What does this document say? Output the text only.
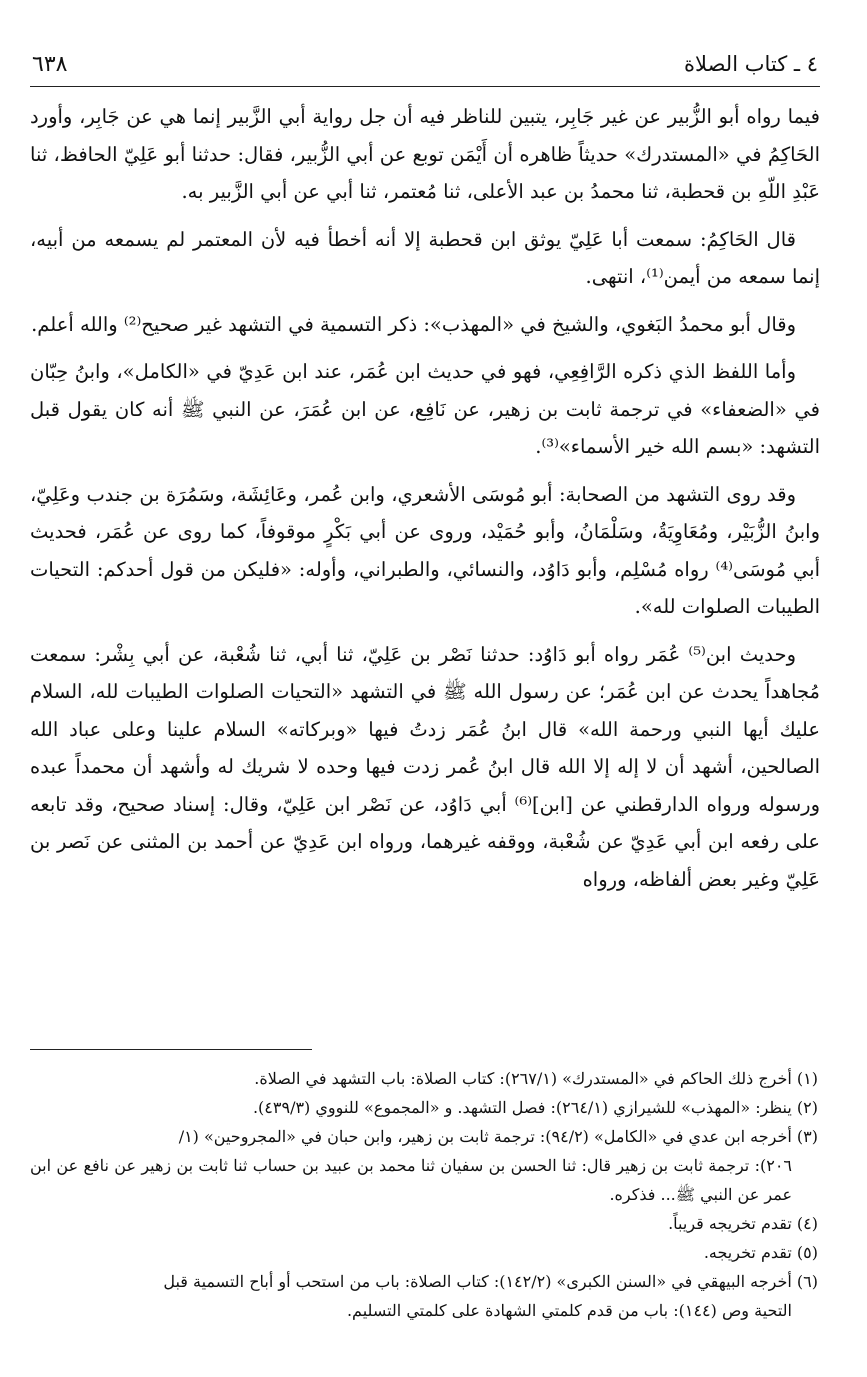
٦٣٨	٤ ـ كتاب الصلاة

فيما رواه أبو الزُّبير عن غير جَابِر، يتبين للناظر فيه أن جل رواية أبي الزَّبير إنما هي عن جَابِر، وأورد الحَاكِمُ في «المستدرك» حديثاً ظاهره أن أَيْمَن توبع عن أبي الزُّبير، فقال: حدثنا أبو عَلِيّ الحافظ، ثنا عَبْدِ اللّهِ بن قحطبة، ثنا محمدُ بن عبد الأعلى، ثنا مُعتمر، ثنا أبي عن أبي الزَّبير به.

قال الحَاكِمُ: سمعت أبا عَلِيّ يوثق ابن قحطبة إلا أنه أخطأ فيه لأن المعتمر لم يسمعه من أبيه، إنما سمعه من أيمن⁽¹⁾، انتهى.

وقال أبو محمدُ البَغوي، والشيخ في «المهذب»: ذكر التسمية في التشهد غير صحيح⁽²⁾ والله أعلم.

وأما اللفظ الذي ذكره الرَّافِعِي، فهو في حديث ابن عُمَر، عند ابن عَدِيّ في «الكامل»، وابنُ حِبّان في «الضعفاء» في ترجمة ثابت بن زهير، عن نَافِع، عن ابن عُمَرَ، عن النبي ﷺ أنه كان يقول قبل التشهد: «بسم الله خير الأسماء»⁽³⁾.

وقد روى التشهد من الصحابة: أبو مُوسَى الأشعري، وابن عُمر، وعَائِشَة، وسَمُرَة بن جندب وعَلِيّ، وابنُ الزُّبَيْر، ومُعَاوِيَةُ، وسَلْمَانُ، وأبو حُمَيْد، وروى عن أبي بَكْرٍ موقوفاً، كما روى عن عُمَر، فحديث أبي مُوسَى⁽⁴⁾ رواه مُسْلِم، وأبو دَاوُد، والنسائي، والطبراني، وأوله: «فليكن من قول أحدكم: التحيات الطيبات الصلوات لله».

وحديث ابن⁽⁵⁾ عُمَر رواه أبو دَاوُد: حدثنا نَصْر بن عَلِيّ، ثنا أبي، ثنا شُعْبة، عن أبي بِشْر: سمعت مُجاهداً يحدث عن ابن عُمَر؛ عن رسول الله ﷺ في التشهد «التحيات الصلوات الطيبات لله، السلام عليك أيها النبي ورحمة الله» قال ابنُ عُمَر زدتُ فيها «وبركاته» السلام علينا وعلى عباد الله الصالحين، أشهد أن لا إله إلا الله قال ابنُ عُمر زدت فيها وحده لا شريك له وأشهد أن محمداً عبده ورسوله ورواه الدارقطني عن [ابن]⁽⁶⁾ أبي دَاوُد، عن نَصْر ابن عَلِيّ، وقال: إسناد صحيح، وقد تابعه على رفعه ابن أبي عَدِيّ عن شُعْبة، ووقفه غيرهما، ورواه ابن عَدِيّ عن أحمد بن المثنى عن نَصر بن عَلِيّ وغير بعض ألفاظه، ورواه

(١) أخرج ذلك الحاكم في «المستدرك» (٢٦٧/١): كتاب الصلاة: باب التشهد في الصلاة.

(٢) ينظر: «المهذب» للشيرازي (٢٦٤/١): فصل التشهد. و «المجموع» للنووي (٤٣٩/٣).

(٣) أخرجه ابن عدي في «الكامل» (٩٤/٢): ترجمة ثابت بن زهير، وابن حبان في «المجروحين» (١/
٢٠٦): ترجمة ثابت بن زهير قال: ثنا الحسن بن سفيان ثنا محمد بن عبيد بن حساب ثنا ثابت بن زهير عن نافع عن ابن عمر عن النبي ﷺ... فذكره.

(٤) تقدم تخريجه قريباً.

(٥) تقدم تخريجه.

(٦) أخرجه البيهقي في «السنن الكبرى» (١٤٢/٢): كتاب الصلاة: باب من استحب أو أباح التسمية قبل
التحية وص (١٤٤): باب من قدم كلمتي الشهادة على كلمتي التسليم.
